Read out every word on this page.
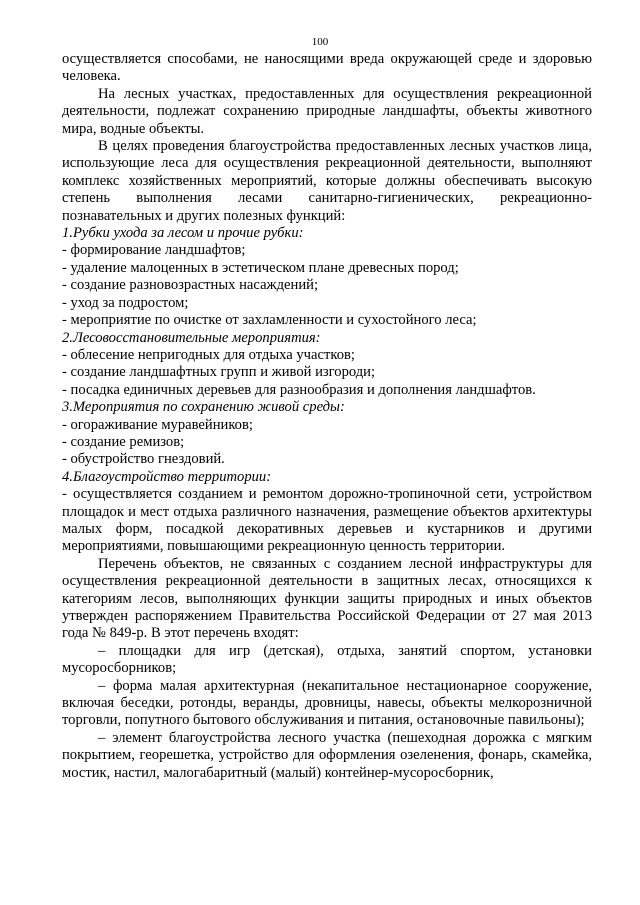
100

осуществляется способами, не наносящими вреда окружающей среде и здоровью человека.

На лесных участках, предоставленных для осуществления рекреационной деятельности, подлежат сохранению природные ландшафты, объекты животного мира, водные объекты.

В целях проведения благоустройства предоставленных лесных участков лица, использующие леса для осуществления рекреационной деятельности, выполняют комплекс хозяйственных мероприятий, которые должны обеспечивать высокую степень выполнения лесами санитарно-гигиенических, рекреационно-познавательных и других полезных функций:

1.Рубки ухода за лесом и прочие рубки:

- формирование ландшафтов;

- удаление малоценных в эстетическом плане древесных пород;

- создание разновозрастных насаждений;

- уход за подростом;

- мероприятие по очистке от захламленности и сухостойного леса;

2.Лесовосстановительные мероприятия:

- облесение непригодных для отдыха участков;

- создание ландшафтных групп и живой изгороди;

- посадка единичных деревьев для разнообразия и дополнения ландшафтов.

3.Мероприятия по сохранению живой среды:

- огораживание муравейников;

- создание ремизов;

- обустройство гнездовий.

4.Благоустройство территории:

- осуществляется созданием и ремонтом дорожно-тропиночной сети, устройством площадок и мест отдыха различного назначения, размещение объектов архитектуры малых форм, посадкой декоративных деревьев и кустарников и другими мероприятиями, повышающими рекреационную ценность территории.

Перечень объектов, не связанных с созданием лесной инфраструктуры для осуществления рекреационной деятельности в защитных лесах, относящихся к категориям лесов, выполняющих функции защиты природных и иных объектов утвержден распоряжением Правительства Российской Федерации от 27 мая 2013 года № 849-р. В этот перечень входят:

– площадки для игр (детская), отдыха, занятий спортом, установки мусоросборников;

– форма малая архитектурная (некапитальное нестационарное сооружение, включая беседки, ротонды, веранды, дровницы, навесы, объекты мелкорозничной торговли, попутного бытового обслуживания и питания, остановочные павильоны);

– элемент благоустройства лесного участка (пешеходная дорожка с мягким покрытием, георешетка, устройство для оформления озеленения, фонарь, скамейка, мостик, настил, малогабаритный (малый) контейнер-мусоросборник,
